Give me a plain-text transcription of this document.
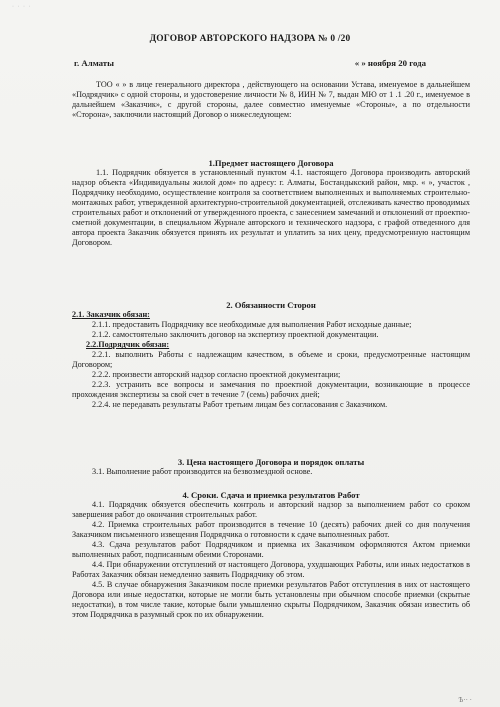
· · · ·
ДОГОВОР АВТОРСКОГО НАДЗОРА № 0 /20
г. Алматы	« » ноября 20 года

ТОО « » в лице генерального директора , действующего на основании Устава, именуемое в дальнейшем «Подрядчик» с одной стороны, и удостоверение личности № 8, ИИН № 7, выдан МЮ от 1 .1 .20 г., именуемое в дальнейшем «Заказчик», с другой стороны, далее совместно именуемые «Стороны», а по отдельности «Сторона», заключили настоящий Договор о нижеследующем:

1.Предмет настоящего Договора

1.1. Подрядчик обязуется в установленный пунктом 4.1. настоящего Договора производить авторский надзор объекта «Индивидуальны жилой дом» по адресу: г. Алматы, Бостандыкский район, мкр. « », участок , Подрядчику необходимо, осуществление контроля за соответствием выполненных и выполняемых строительно-монтажных работ, утвержденной архитектурно-строительной документацией, отслеживать качество проводимых строительных работ и отклонений от утвержденного проекта, с занесением замечаний и отклонений от проектно-сметной документации, в специальном Журнале авторского и технического надзора, с графой отведенного для автора проекта Заказчик обязуется принять их результат и уплатить за них цену, предусмотренную настоящим Договором.

2. Обязанности Сторон

2.1. Заказчик обязан:

2.1.1. предоставить Подрядчику все необходимые для выполнения Работ исходные данные;

2.1.2. самостоятельно заключить договор на экспертизу проектной документации.

2.2.Подрядчик обязан:

2.2.1. выполнить Работы с надлежащим качеством, в объеме и сроки, предусмотренные настоящим Договором;

2.2.2. произвести авторский надзор согласно проектной документации;

2.2.3. устранить все вопросы и замечания по проектной документации, возникающие в процессе прохождения экспертизы за свой счет в течение 7 (семь) рабочих дней;

2.2.4. не передавать результаты Работ третьим лицам без согласования с Заказчиком.

3. Цена настоящего Договора и порядок оплаты

3.1. Выполнение работ производится на безвозмездной основе.

4. Сроки. Сдача и приемка результатов Работ

4.1. Подрядчик обязуется обеспечить контроль и авторский надзор за выполнением работ со сроком завершения работ до окончания строительных работ.

4.2. Приемка строительных работ производится в течение 10 (десять) рабочих дней со дня получения Заказчиком письменного извещения Подрядчика о готовности к сдаче выполненных работ.

4.3. Сдача результатов работ Подрядчиком и приемка их Заказчиком оформляются Актом приемки выполненных работ, подписанным обеими Сторонами.

4.4. При обнаружении отступлений от настоящего Договора, ухудшающих Работы, или иных недостатков в Работах Заказчик обязан немедленно заявить Подрядчику об этом.

4.5. В случае обнаружения Заказчиком после приемки результатов Работ отступления в них от настоящего Договора или иные недостатки, которые не могли быть установлены при обычном способе приемки (скрытые недостатки), в том числе такие, которые были умышленно скрыты Подрядчиком, Заказчик обязан известить об этом Подрядчика в разумный срок по их обнаружении.

Ѣ·· ·
